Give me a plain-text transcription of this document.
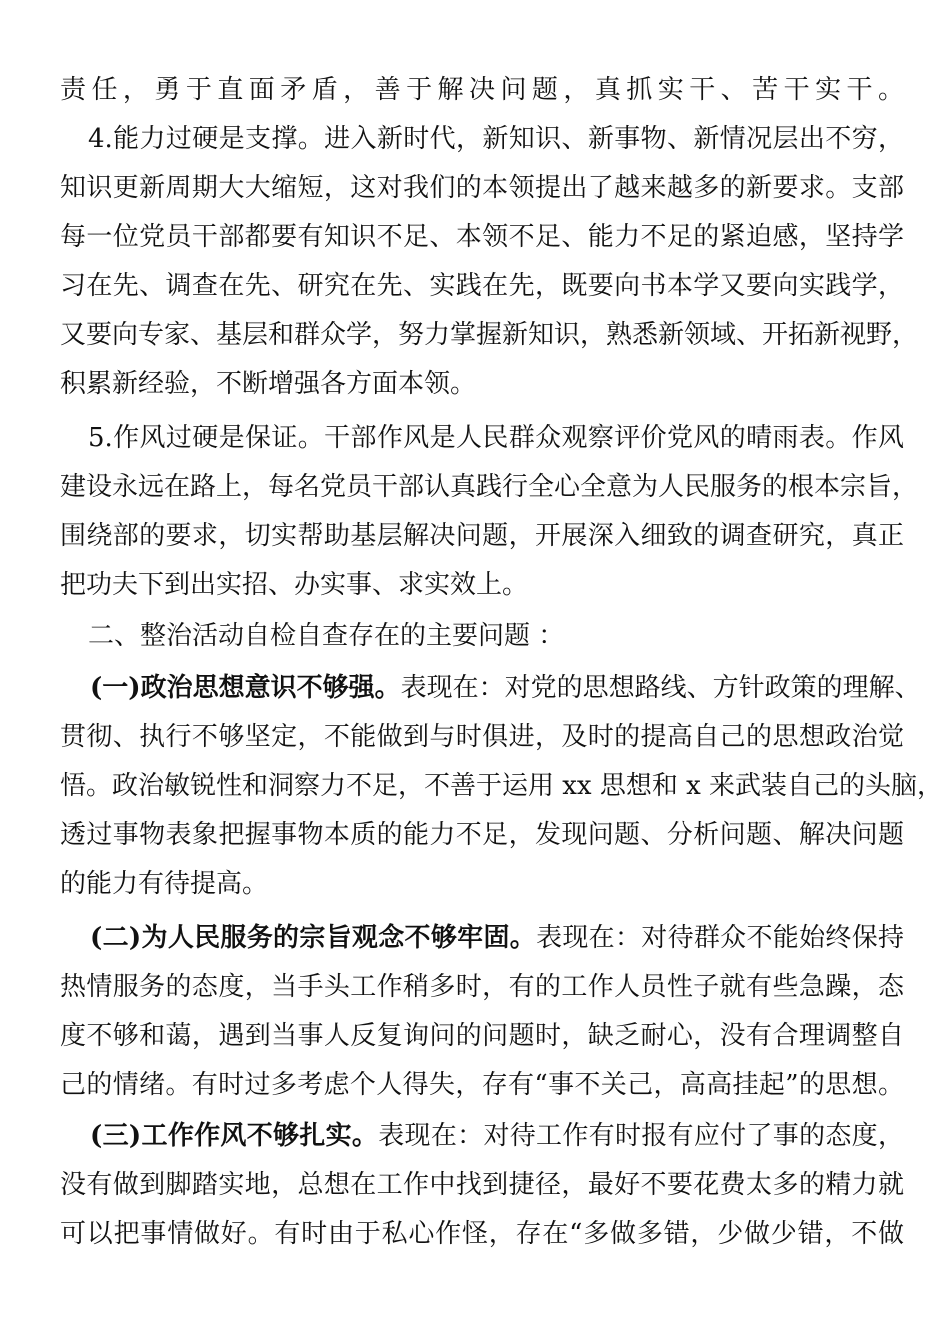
责任，勇于直面矛盾，善于解决问题，真抓实干、苦干实干。
4.能力过硬是支撑。进入新时代，新知识、新事物、新情况层出不穷，
知识更新周期大大缩短，这对我们的本领提出了越来越多的新要求。支部
每一位党员干部都要有知识不足、本领不足、能力不足的紧迫感，坚持学
习在先、调查在先、研究在先、实践在先，既要向书本学又要向实践学，
又要向专家、基层和群众学，努力掌握新知识，熟悉新领域、开拓新视野，
积累新经验，不断增强各方面本领。
5.作风过硬是保证。干部作风是人民群众观察评价党风的晴雨表。作风
建设永远在路上，每名党员干部认真践行全心全意为人民服务的根本宗旨，
围绕部的要求，切实帮助基层解决问题，开展深入细致的调查研究，真正
把功夫下到出实招、办实事、求实效上。
二、整治活动自检自查存在的主要问题 ：
(一)政治思想意识不够强。表现在：对党的思想路线、方针政策的理解、
贯彻、执行不够坚定，不能做到与时俱进，及时的提高自己的思想政治觉
悟。政治敏锐性和洞察力不足，不善于运用 xx 思想和 x 来武装自己的头脑，
透过事物表象把握事物本质的能力不足，发现问题、分析问题、解决问题
的能力有待提高。
(二)为人民服务的宗旨观念不够牢固。表现在：对待群众不能始终保持
热情服务的态度，当手头工作稍多时，有的工作人员性子就有些急躁，态
度不够和蔼，遇到当事人反复询问的问题时，缺乏耐心，没有合理调整自
己的情绪。有时过多考虑个人得失，存有“事不关己，高高挂起”的思想。
(三)工作作风不够扎实。表现在：对待工作有时报有应付了事的态度，
没有做到脚踏实地，总想在工作中找到捷径，最好不要花费太多的精力就
可以把事情做好。有时由于私心作怪，存在“多做多错，少做少错，不做
